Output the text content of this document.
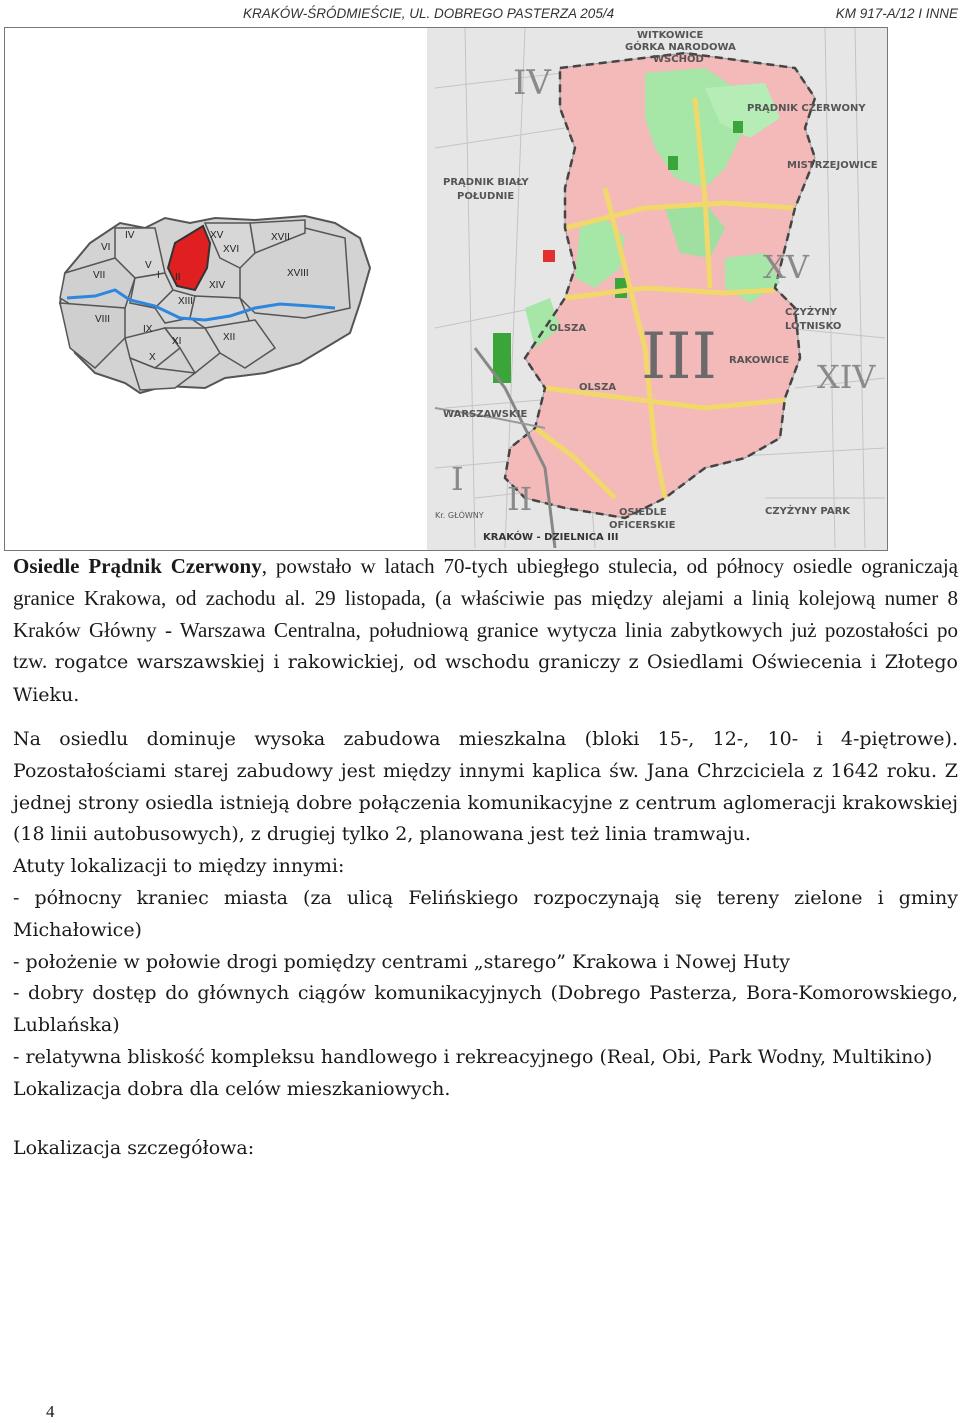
KRAKÓW-ŚRÓDMIEŚCIE, UL. DOBREGO PASTERZA 205/4	KM 917-A/12 I INNE
IV
VI
V
XV
XVI
XVII
VII	I II
XIV
XVIII
XIII
VIII
IX
XI	XII
X
WITKOWICE
GÓRKA NARODOWA
WSCHÓD
PRĄDNIK CZERWONY
MISTRZEJOWICE
PRĄDNIK BIAŁY
POŁUDNIE
OLSZA
OLSZA
CZYŻYNY
LOTNISKO
RAKOWICE
WARSZAWSKIE
OSIEDLE
OFICERSKIE
CZYŻYNY PARK
Kr. GŁÓWNY
KRAKÓW - DZIELNICA III
IV
XV
III	XIV
I
II
Osiedle Prądnik Czerwony, powstało w latach 70-tych ubiegłego stulecia, od północy osiedle ograniczają granice Krakowa, od zachodu al. 29 listopada, (a właściwie pas między alejami a linią kolejową numer 8 Kraków Główny - Warszawa Centralna, południową granice wytycza linia zabytkowych już pozostałości po tzw. rogatce warszawskiej i rakowickiej, od wschodu graniczy z Osiedlami Oświecenia i Złotego Wieku.

Na osiedlu dominuje wysoka zabudowa mieszkalna (bloki 15-, 12-, 10- i 4-piętrowe). Pozostałościami starej zabudowy jest między innymi kaplica św. Jana Chrzciciela z 1642 roku. Z jednej strony osiedla istnieją dobre połączenia komunikacyjne z centrum aglomeracji krakowskiej (18 linii autobusowych), z drugiej tylko 2, planowana jest też linia tramwaju.

Atuty lokalizacji to między innymi:

- północny kraniec miasta (za ulicą Felińskiego rozpoczynają się tereny zielone i gminy Michałowice)

- położenie w połowie drogi pomiędzy centrami „starego” Krakowa i Nowej Huty

- dobry dostęp do głównych ciągów komunikacyjnych (Dobrego Pasterza, Bora-Komorowskiego, Lublańska)

- relatywna bliskość kompleksu handlowego i rekreacyjnego (Real, Obi, Park Wodny, Multikino)

Lokalizacja dobra dla celów mieszkaniowych.

Lokalizacja szczegółowa:

4
